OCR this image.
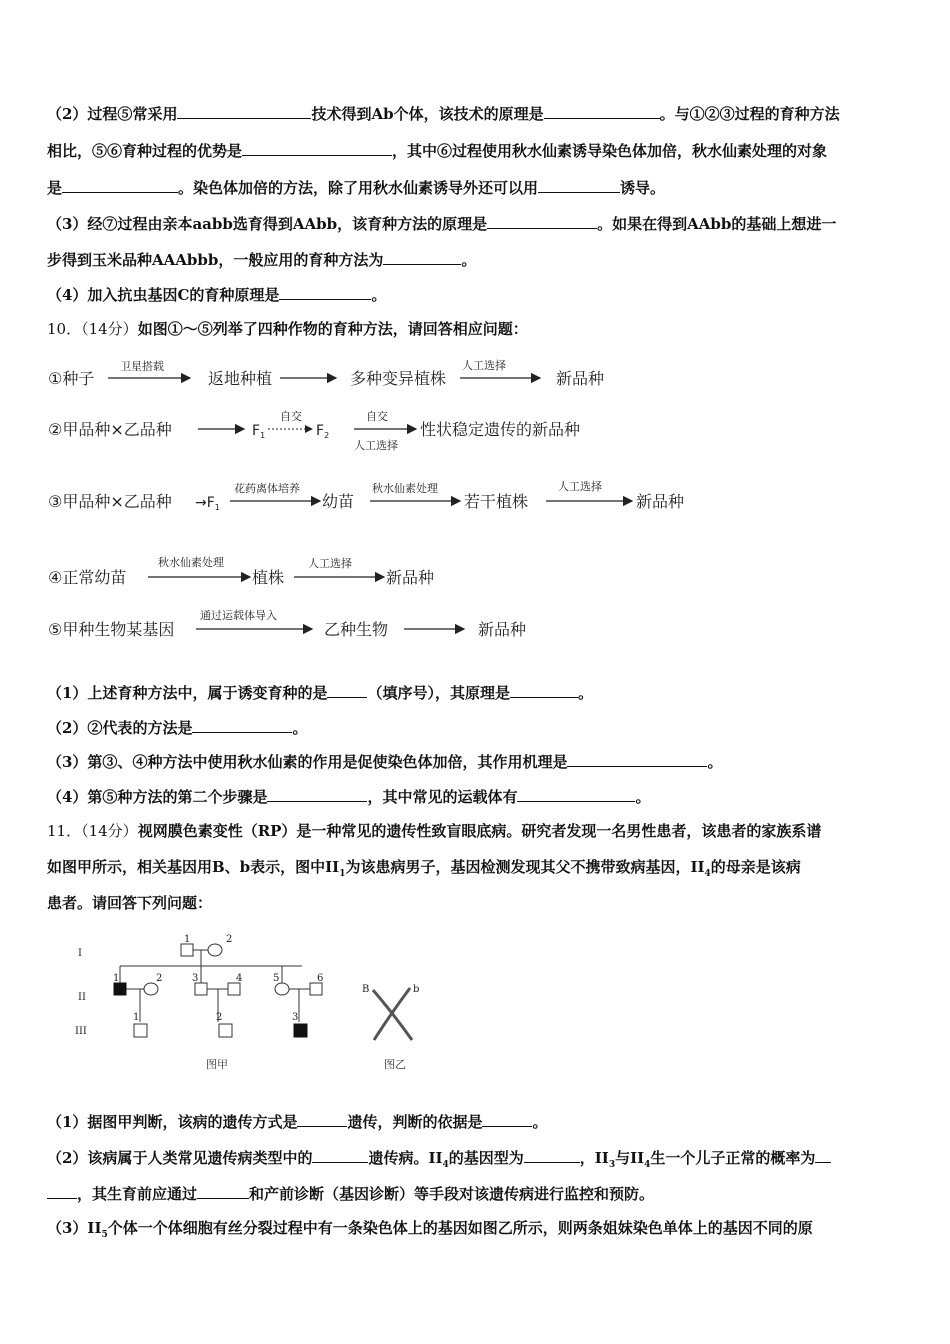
（2）过程⑤常采用	技术得到Ab个体，该技术的原理是	。与①②③过程的育种方法
相比，⑤⑥育种过程的优势是	，其中⑥过程使用秋水仙素诱导染色体加倍，秋水仙素处理的对象
是	。染色体加倍的方法，除了用秋水仙素诱导外还可以用	诱导。
（3）经⑦过程由亲本aabb选育得到AAbb，该育种方法的原理是	。如果在得到AAbb的基础上想进一
步得到玉米品种AAAbbb，一般应用的育种方法为	。
（4）加入抗虫基因C的育种原理是	。
10．（14分）如图①～⑤列举了四种作物的育种方法，请回答相应问题：
①种子
卫星搭载
返地种植	多种变异植株
人工选择
新品种
②甲品种×乙品种	$F_1$
自交
$F_2$
自交
人工选择
性状稳定遗传的新品种
③甲品种×乙品种 $\to F_1$
花药离体培养
幼苗
秋水仙素处理
若干植株
人工选择
新品种
④正常幼苗
秋水仙素处理
植株
人工选择
新品种
⑤甲种生物某基因
通过运载体导入
乙种生物	新品种
（1）上述育种方法中，属于诱变育种的是	（填序号），其原理是	。
（2）②代表的方法是	。
（3）第③、④种方法中使用秋水仙素的作用是促使染色体加倍，其作用机理是	。
（4）第⑤种方法的第二个步骤是	，其中常见的运载体有	。
11．（14分）视网膜色素变性（RP）是一种常见的遗传性致盲眼底病。研究者发现一名男性患者，该患者的家族系谱
如图甲所示，相关基因用B、b表示，图中$II_1$为该患病男子，基因检测发现其父不携带致病基因，$II_4$的母亲是该病
患者。请回答下列问题：
I
II
III
1	2
1	2	3	4	5	6
1	2	3
B	b
图甲	图乙
（1）据图甲判断，该病的遗传方式是	遗传，判断的依据是	。
（2）该病属于人类常见遗传病类型中的	遗传病。$II_4$的基因型为	，$II_3$与$II_4$生一个儿子正常的概率为
，其生育前应通过	和产前诊断（基因诊断）等手段对该遗传病进行监控和预防。
$(3)II_5$个体一个体细胞有丝分裂过程中有一条染色体上的基因如图乙所示，则两条姐妹染色单体上的基因不同的原
